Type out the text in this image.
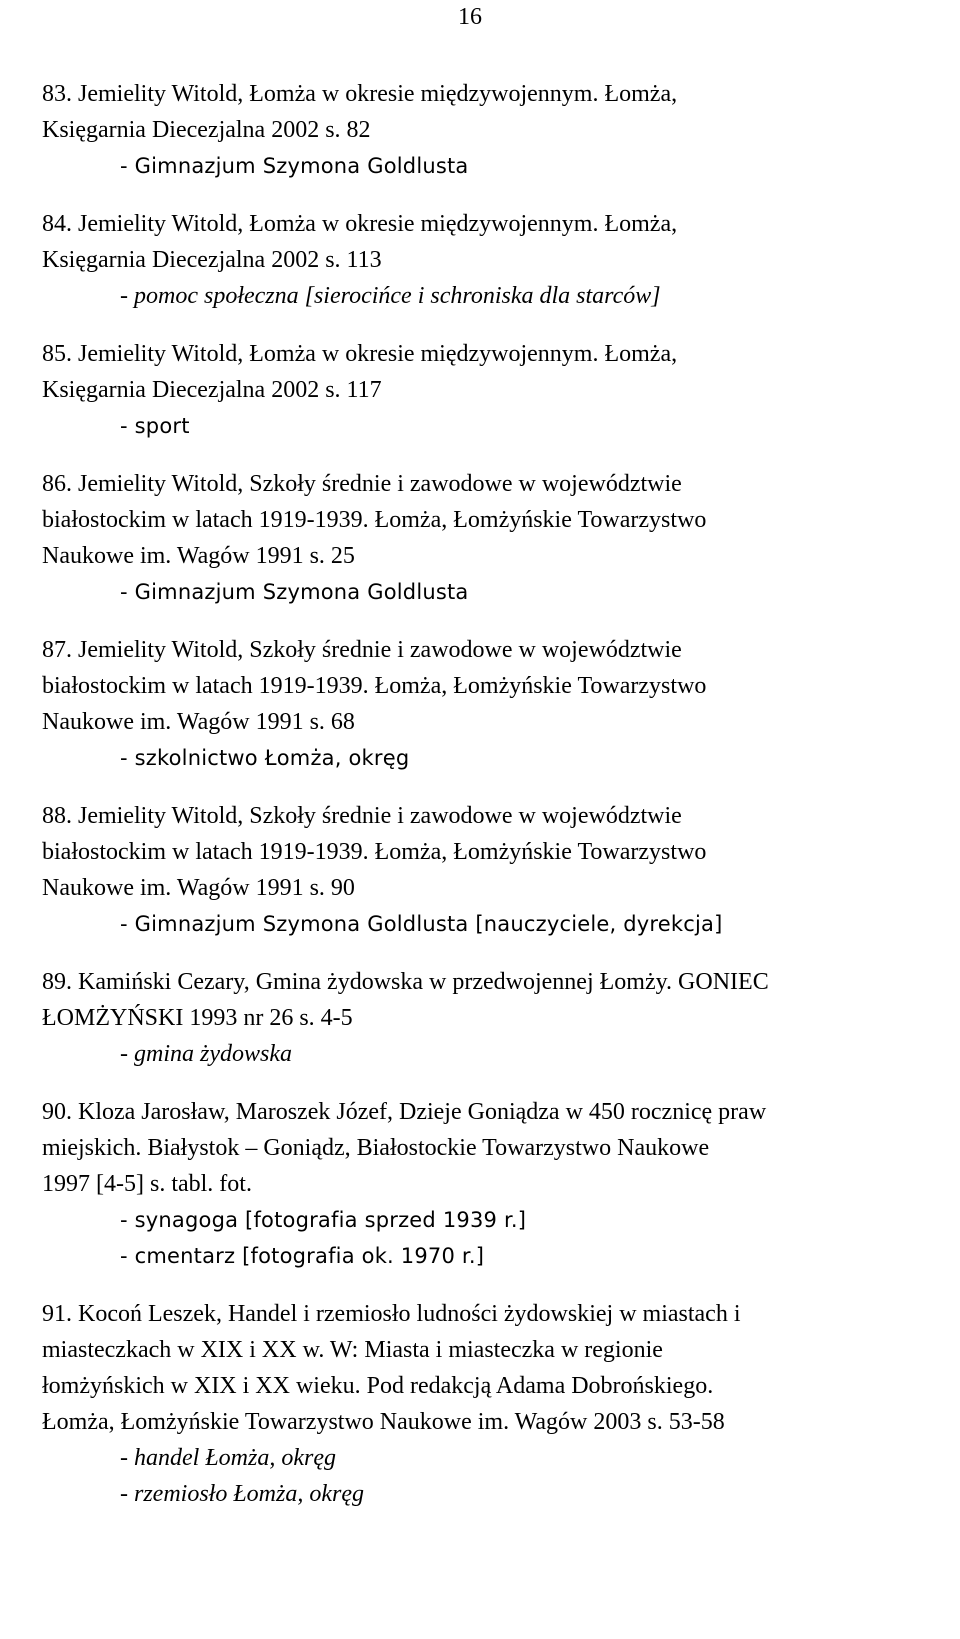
16
83. Jemielity Witold, Łomża w okresie międzywojennym. Łomża,
Księgarnia Diecezjalna 2002 s. 82
- Gimnazjum Szymona Goldlusta
84. Jemielity Witold, Łomża w okresie międzywojennym. Łomża,
Księgarnia Diecezjalna 2002 s. 113
- pomoc społeczna [sierocińce i schroniska dla starców]
85. Jemielity Witold, Łomża w okresie międzywojennym. Łomża,
Księgarnia Diecezjalna 2002 s. 117
- sport
86. Jemielity Witold, Szkoły średnie i zawodowe w województwie
białostockim w latach 1919-1939. Łomża, Łomżyńskie Towarzystwo
Naukowe im. Wagów 1991 s. 25
- Gimnazjum Szymona Goldlusta
87. Jemielity Witold, Szkoły średnie i zawodowe w województwie
białostockim w latach 1919-1939. Łomża, Łomżyńskie Towarzystwo
Naukowe im. Wagów 1991 s. 68
- szkolnictwo Łomża, okręg
88. Jemielity Witold, Szkoły średnie i zawodowe w województwie
białostockim w latach 1919-1939. Łomża, Łomżyńskie Towarzystwo
Naukowe im. Wagów 1991 s. 90
- Gimnazjum Szymona Goldlusta [nauczyciele, dyrekcja]
89. Kamiński Cezary, Gmina żydowska w przedwojennej Łomży. GONIEC
ŁOMŻYŃSKI 1993 nr 26 s. 4-5
- gmina żydowska
90. Kloza Jarosław, Maroszek Józef, Dzieje Goniądza w 450 rocznicę praw
miejskich. Białystok – Goniądz, Białostockie Towarzystwo Naukowe
1997 [4-5] s. tabl. fot.
- synagoga [fotografia sprzed 1939 r.]
- cmentarz [fotografia ok. 1970 r.]
91. Kocoń Leszek, Handel i rzemiosło ludności żydowskiej w miastach i
miasteczkach w XIX i XX w. W: Miasta i miasteczka w regionie
łomżyńskich w XIX i XX wieku. Pod redakcją Adama Dobrońskiego.
Łomża, Łomżyńskie Towarzystwo Naukowe im. Wagów 2003 s. 53-58
- handel Łomża, okręg
- rzemiosło Łomża, okręg
